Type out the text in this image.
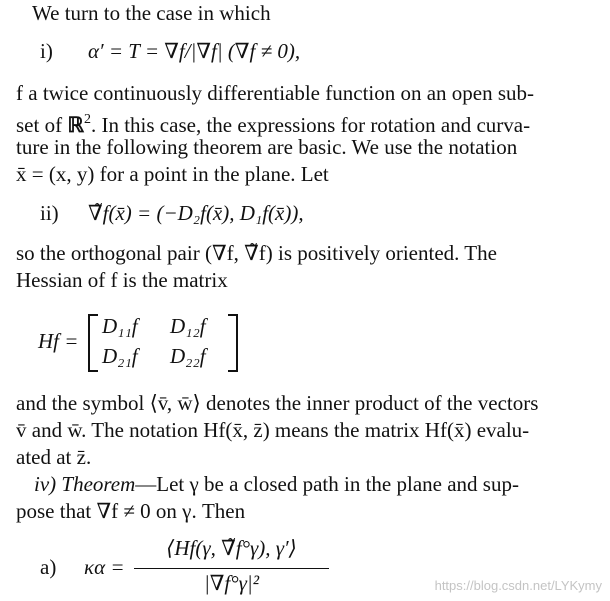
We turn to the case in which
i) α′ = T = ∇f/|∇f| (∇f ≠ 0),
f a twice continuously differentiable function on an open sub-
set of ℝ$^2$. In this case, the expressions for rotation and curva-
ture in the following theorem are basic. We use the notation
x̄ = (x, y) for a point in the plane. Let
ii) ∇̃f(x̄) = (−D₂f(x̄), D₁f(x̄)),
so the orthogonal pair (∇f, ∇̃f) is positively oriented. The
Hessian of f is the matrix
Hf =
D₁₁f D₁₂f
D₂₁f D₂₂f
and the symbol ⟨v̄, w̄⟩ denotes the inner product of the vectors
v̄ and w̄. The notation Hf(x̄, z̄) means the matrix Hf(x̄) evalu-
ated at z̄.
iv) Theorem—Let γ be a closed path in the plane and sup-
pose that ∇f ≠ 0 on γ. Then
a) κα =
⟨Hf(γ, ∇̃f°γ), γ′⟩
|∇f°γ|²	https://blog.csdn.net/LYKymy
